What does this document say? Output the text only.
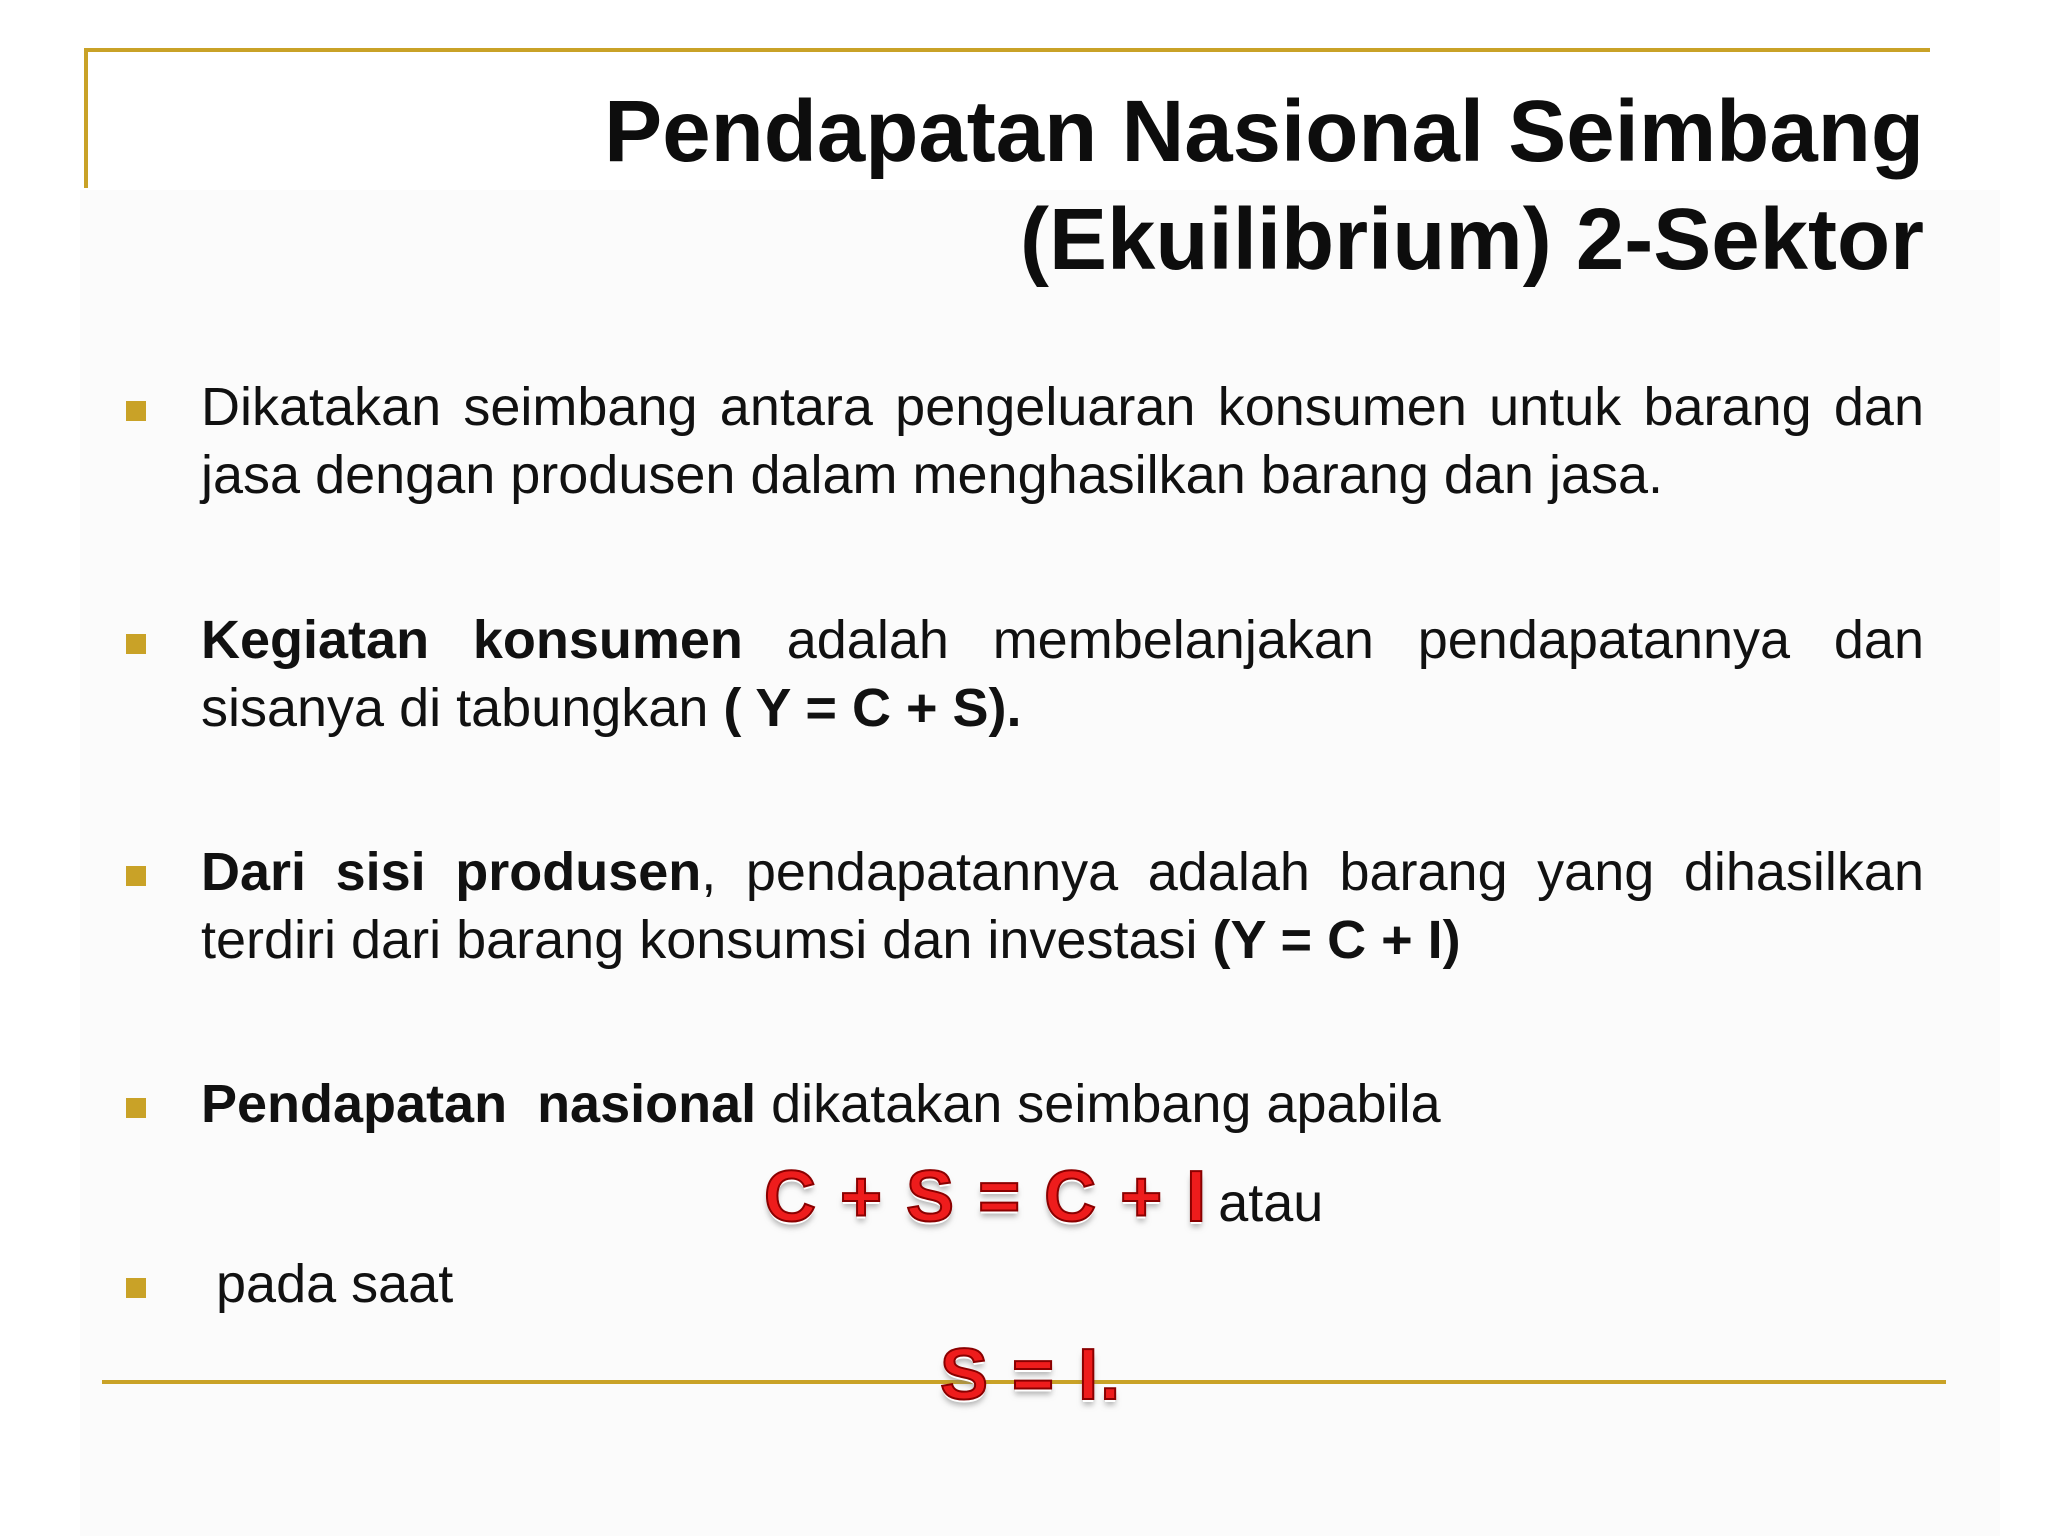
Pendapatan Nasional Seimbang
(Ekuilibrium) 2-Sektor
Dikatakan seimbang antara pengeluaran konsumen untuk barang dan jasa dengan produsen dalam menghasilkan barang dan jasa.
Kegiatan konsumen adalah membelanjakan pendapatannya dan sisanya di tabungkan ( Y = C + S).
Dari sisi produsen, pendapatannya adalah barang yang dihasilkan terdiri dari barang konsumsi dan investasi (Y = C + I)
Pendapatan  nasional dikatakan seimbang apabila
C + S = C + I atau
pada saat
S = I.
